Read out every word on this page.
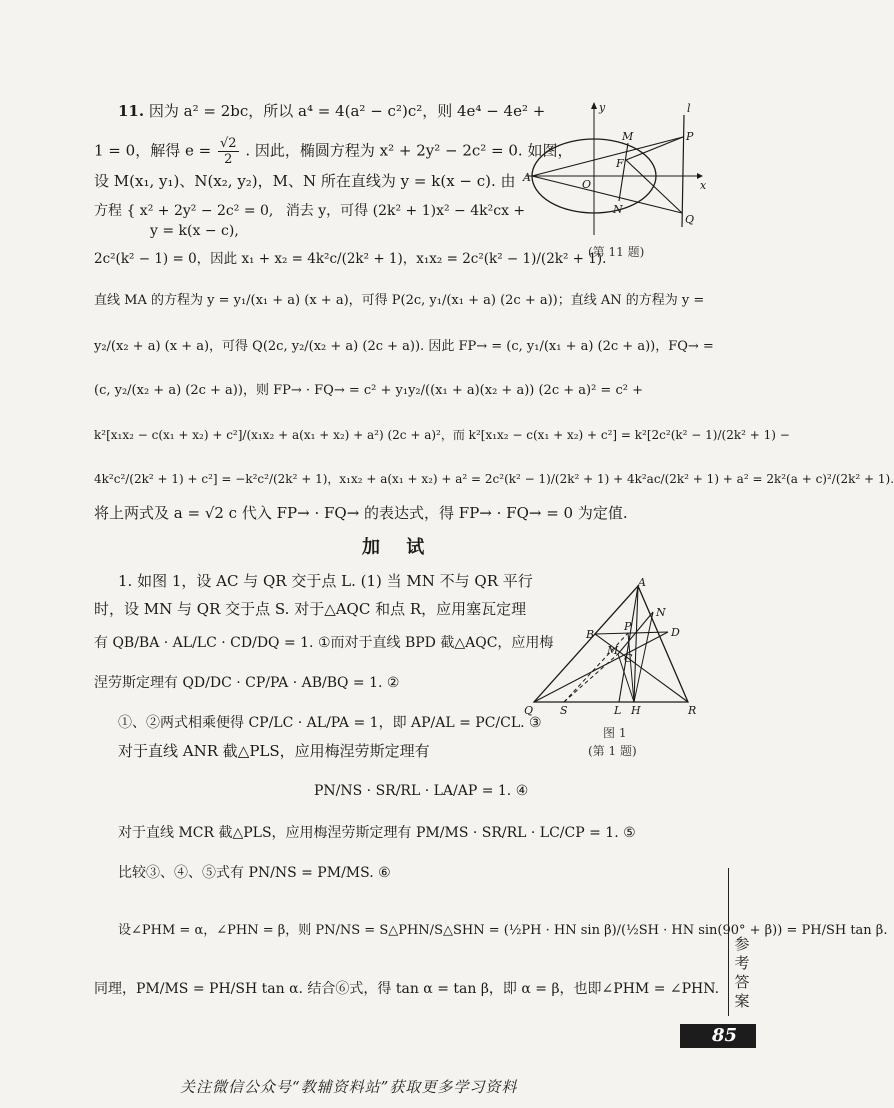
11. 因为 a² = 2bc，所以 a⁴ = 4(a² − c²)c²，则 4e⁴ − 4e² +
1 = 0，解得 $e = \frac{√2}{2}$ . 因此，椭圆方程为 x² + 2y² − 2c² = 0. 如图，
设 M(x₁, y₁)、N(x₂, y₂)，M、N 所在直线为 y = k(x − c). 由
方程 { x² + 2y² − 2c² = 0, 消去 y，可得 (2k² + 1)x² − 4k²cx +
y = k(x − c),
2c²(k² − 1) = 0，因此 x₁ + x₂ = 4k²c/(2k² + 1)，x₁x₂ = 2c²(k² − 1)/(2k² + 1).
直线 MA 的方程为 y = y₁/(x₁ + a) (x + a)，可得 P(2c, y₁/(x₁ + a) (2c + a))；直线 AN 的方程为 y =
y₂/(x₂ + a) (x + a)，可得 Q(2c, y₂/(x₂ + a) (2c + a)). 因此 FP→ = (c, y₁/(x₁ + a) (2c + a))，FQ→ =
(c, y₂/(x₂ + a) (2c + a))，则 FP→ · FQ→ = c² + y₁y₂/((x₁ + a)(x₂ + a)) (2c + a)² = c² +
k²[x₁x₂ − c(x₁ + x₂) + c²]/(x₁x₂ + a(x₁ + x₂) + a²) (2c + a)²，而 k²[x₁x₂ − c(x₁ + x₂) + c²] = k²[2c²(k² − 1)/(2k² + 1) −
4k²c²/(2k² + 1) + c²] = −k²c²/(2k² + 1)，x₁x₂ + a(x₁ + x₂) + a² = 2c²(k² − 1)/(2k² + 1) + 4k²ac/(2k² + 1) + a² = 2k²(a + c)²/(2k² + 1).
将上两式及 a = √2 c 代入 FP→ · FQ→ 的表达式，得 FP→ · FQ→ = 0 为定值.
y	l
M	P
F
A
O	x
N
Q
(第 11 题)
加 试
1. 如图 1，设 AC 与 QR 交于点 L. (1) 当 MN 不与 QR 平行
时，设 MN 与 QR 交于点 S. 对于△AQC 和点 R，应用塞瓦定理
有 QB/BA · AL/LC · CD/DQ = 1. ①而对于直线 BPD 截△AQC，应用梅
涅劳斯定理有 QD/DC · CP/PA · AB/BQ = 1. ②
①、②两式相乘便得 CP/LC · AL/PA = 1，即 AP/AL = PC/CL. ③
对于直线 ANR 截△PLS，应用梅涅劳斯定理有
PN/NS · SR/RL · LA/AP = 1. ④
对于直线 MCR 截△PLS，应用梅涅劳斯定理有 PM/MS · SR/RL · LC/CP = 1. ⑤
比较③、④、⑤式有 PN/NS = PM/MS. ⑥
设∠PHM = α，∠PHN = β，则 PN/NS = S△PHN/S△SHN = (½PH · HN sin β)/(½SH · HN sin(90° + β)) = PH/SH tan β.
同理，PM/MS = PH/SH tan α. 结合⑥式，得 tan α = tan β，即 α = β，也即∠PHM = ∠PHN.
A
N
B
P	D
M
C
Q S	L H	R
图 1
(第 1 题)
参考答案
85
关注微信公众号“教辅资料站”获取更多学习资料
